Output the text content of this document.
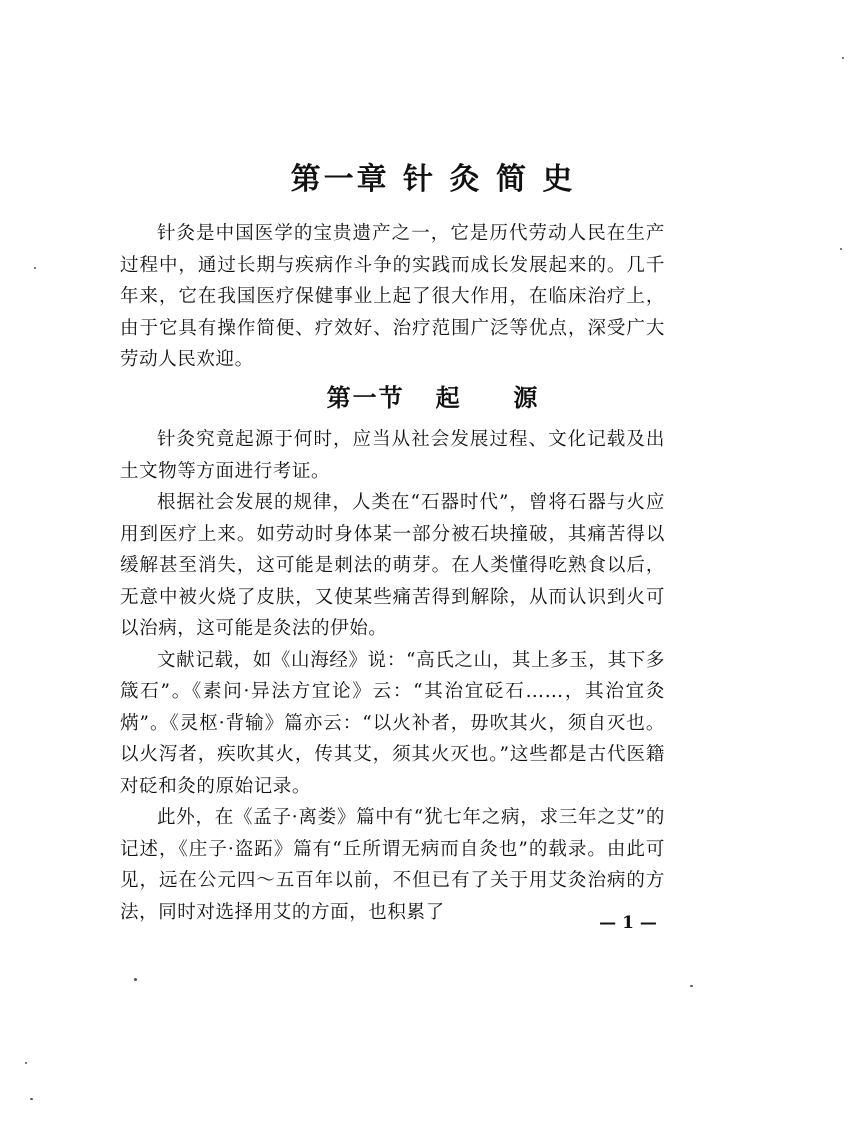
第一章 针 灸 简 史

针灸是中国医学的宝贵遗产之一，它是历代劳动人民在生产过程中，通过长期与疾病作斗争的实践而成长发展起来的。几千年来，它在我国医疗保健事业上起了很大作用，在临床治疗上，由于它具有操作简便、疗效好、治疗范围广泛等优点，深受广大劳动人民欢迎。

第一节   起     源

针灸究竟起源于何时，应当从社会发展过程、文化记载及出土文物等方面进行考证。

根据社会发展的规律，人类在“石器时代”，曾将石器与火应用到医疗上来。如劳动时身体某一部分被石块撞破，其痛苦得以缓解甚至消失，这可能是刺法的萌芽。在人类懂得吃熟食以后，无意中被火烧了皮肤，又使某些痛苦得到解除，从而认识到火可以治病，这可能是灸法的伊始。

文献记载，如《山海经》说：“高氏之山，其上多玉，其下多箴石”。《素问·异法方宜论》云：“其治宜砭石……，其治宜灸焫”。《灵枢·背输》篇亦云：“以火补者，毋吹其火，须自灭也。以火泻者，疾吹其火，传其艾，须其火灭也。”这些都是古代医籍对砭和灸的原始记录。

此外，在《孟子·离娄》篇中有“犹七年之病，求三年之艾”的记述，《庄子·盗跖》篇有“丘所谓无病而自灸也”的载录。由此可见，远在公元四～五百年以前，不但已有了关于用艾灸治病的方法，同时对选择用艾的方面，也积累了

— 1 —
